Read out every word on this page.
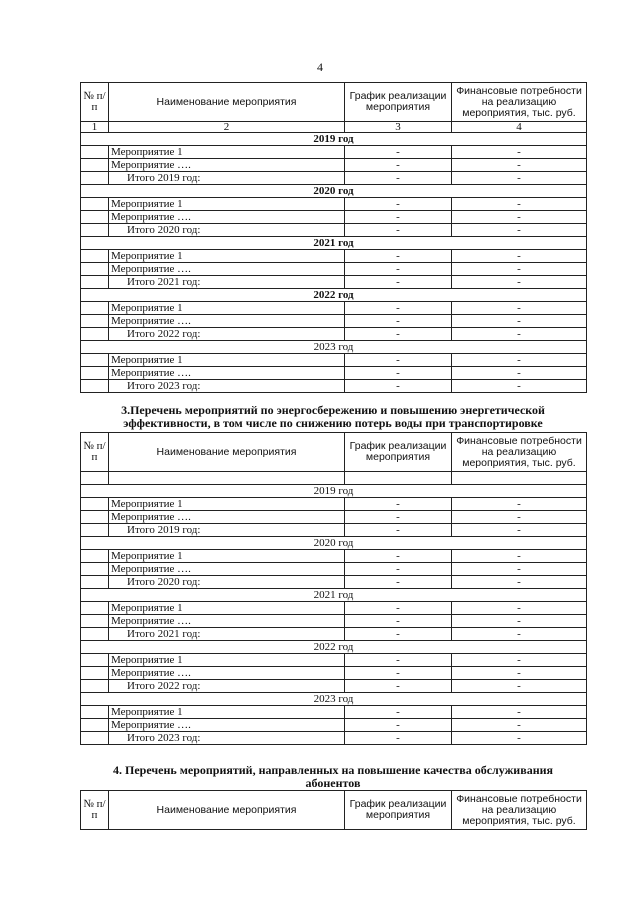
4
№ п/п	Наименование мероприятия	График реализации мероприятия	Финансовые потребности на реализацию мероприятия, тыс. руб.
1	2	3	4
2019 год			
	Мероприятие 1	-	-
	Мероприятие ….	-	-
	Итого 2019 год:	-	-
2020 год			
	Мероприятие 1	-	-
	Мероприятие ….	-	-
	Итого 2020 год:	-	-
2021 год			
	Мероприятие 1	-	-
	Мероприятие ….	-	-
	Итого 2021 год:	-	-
2022 год			
	Мероприятие 1	-	-
	Мероприятие ….	-	-
	Итого 2022 год:	-	-
2023 год			
	Мероприятие 1	-	-
	Мероприятие ….	-	-
	Итого 2023 год:	-	-
3.Перечень мероприятий по энергосбережению и повышению энергетической
эффективности, в том числе по снижению потерь воды при транспортировке
№ п/п	Наименование мероприятия	График реализации мероприятия	Финансовые потребности на реализацию мероприятия, тыс. руб.

2019 год			
	Мероприятие 1	-	-
	Мероприятие ….	-	-
	Итого 2019 год:	-	-
2020 год			
	Мероприятие 1	-	-
	Мероприятие ….	-	-
	Итого 2020 год:	-	-
2021 год			
	Мероприятие 1	-	-
	Мероприятие ….	-	-
	Итого 2021 год:	-	-
2022 год			
	Мероприятие 1	-	-
	Мероприятие ….	-	-
	Итого 2022 год:	-	-
2023 год			
	Мероприятие 1	-	-
	Мероприятие ….	-	-
	Итого 2023 год:	-	-
4. Перечень мероприятий, направленных на повышение качества обслуживания
абонентов
№ п/п	Наименование мероприятия	График реализации мероприятия	Финансовые потребности на реализацию мероприятия, тыс. руб.
